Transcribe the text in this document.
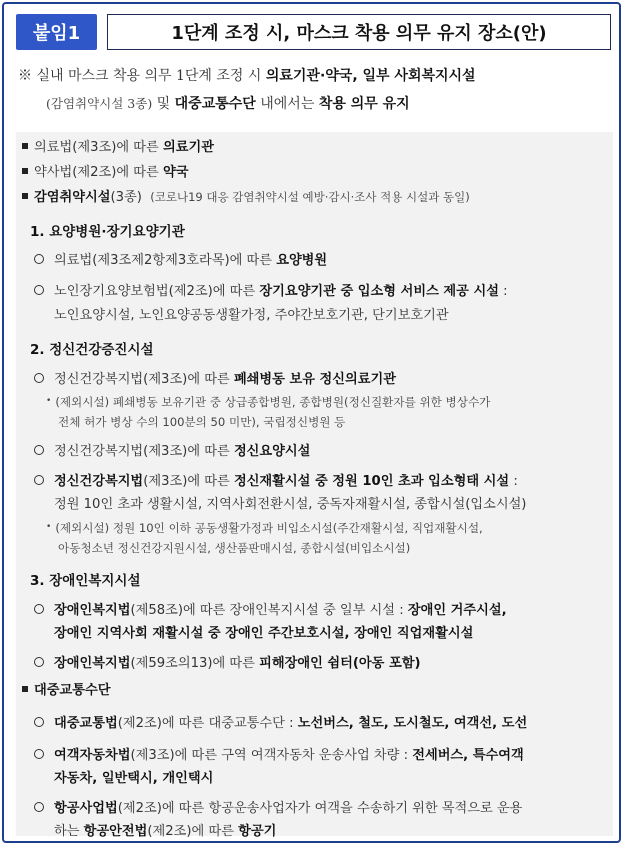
붙임1	1단계 조정 시, 마스크 착용 의무 유지 장소(안)
※ 실내 마스크 착용 의무 1단계 조정 시 의료기관·약국, 일부 사회복지시설
(감염취약시설 3종) 및 대중교통수단 내에서는 착용 의무 유지
의료법(제3조)에 따른 의료기관
약사법(제2조)에 따른 약국
감염취약시설(3종) (코로나19 대응 감염취약시설 예방·감시·조사 적용 시설과 동일)
1. 요양병원·장기요양기관
의료법(제3조제2항제3호라목)에 따른 요양병원
노인장기요양보험법(제2조)에 따른 장기요양기관 중 입소형 서비스 제공 시설 :
노인요양시설, 노인요양공동생활가정, 주야간보호기관, 단기보호기관
2. 정신건강증진시설
정신건강복지법(제3조)에 따른 폐쇄병동 보유 정신의료기관
• (제외시설) 폐쇄병동 보유기관 중 상급종합병원, 종합병원(정신질환자를 위한 병상수가
전체 허가 병상 수의 100분의 50 미만), 국립정신병원 등
정신건강복지법(제3조)에 따른 정신요양시설
정신건강복지법(제3조)에 따른 정신재활시설 중 정원 10인 초과 입소형태 시설 :
정원 10인 초과 생활시설, 지역사회전환시설, 중독자재활시설, 종합시설(입소시설)
• (제외시설) 정원 10인 이하 공동생활가정과 비입소시설(주간재활시설, 직업재활시설,
아동청소년 정신건강지원시설, 생산품판매시설, 종합시설(비입소시설)
3. 장애인복지시설
장애인복지법(제58조)에 따른 장애인복지시설 중 일부 시설 : 장애인 거주시설,
장애인 지역사회 재활시설 중 장애인 주간보호시설, 장애인 직업재활시설
장애인복지법(제59조의13)에 따른 피해장애인 쉼터(아동 포함)
대중교통수단
대중교통법(제2조)에 따른 대중교통수단 : 노선버스, 철도, 도시철도, 여객선, 도선
여객자동차법(제3조)에 따른 구역 여객자동차 운송사업 차량 : 전세버스, 특수여객
자동차, 일반택시, 개인택시
항공사업법(제2조)에 따른 항공운송사업자가 여객을 수송하기 위한 목적으로 운용
하는 항공안전법(제2조)에 따른 항공기
